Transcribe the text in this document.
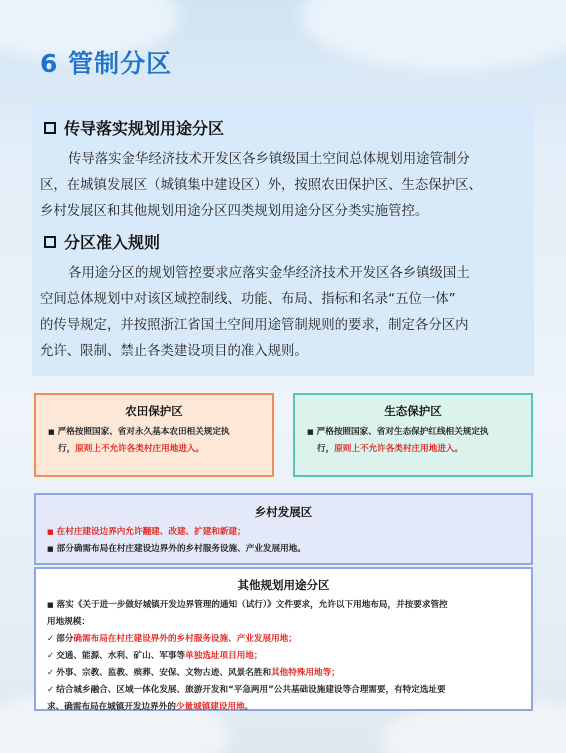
6 管制分区
传导落实规划用途分区
传导落实金华经济技术开发区各乡镇级国土空间总体规划用途管制分
区，在城镇发展区（城镇集中建设区）外，按照农田保护区、生态保护区、
乡村发展区和其他规划用途分区四类规划用途分区分类实施管控。
分区准入规则
各用途分区的规划管控要求应落实金华经济技术开发区各乡镇级国土
空间总体规划中对该区域控制线、功能、布局、指标和名录“五位一体”
的传导规定，并按照浙江省国土空间用途管制规则的要求，制定各分区内
允许、限制、禁止各类建设项目的准入规则。
农田保护区
■ 严格按照国家、省对永久基本农田相关规定执
行，原则上不允许各类村庄用地进入。
生态保护区
■ 严格按照国家、省对生态保护红线相关规定执
行，原则上不允许各类村庄用地进入。
乡村发展区
■ 在村庄建设边界内允许翻建、改建、扩建和新建；
■ 部分确需布局在村庄建设边界外的乡村服务设施、产业发展用地。
其他规划用途分区
■ 落实《关于进一步做好城镇开发边界管理的通知（试行）》文件要求，允许以下用地布局，并按要求管控
用地规模：
✓ 部分确需布局在村庄建设界外的乡村服务设施、产业发展用地；
✓ 交通、能源、水利、矿山、军事等单独选址项目用地；
✓ 外事、宗教、监教、殡葬、安保、文物古迹、风景名胜和其他特殊用地等；
✓ 结合城乡融合、区域一体化发展、旅游开发和“平急两用”公共基础设施建设等合理需要，有特定选址要
求、确需布局在城镇开发边界外的少量城镇建设用地。
